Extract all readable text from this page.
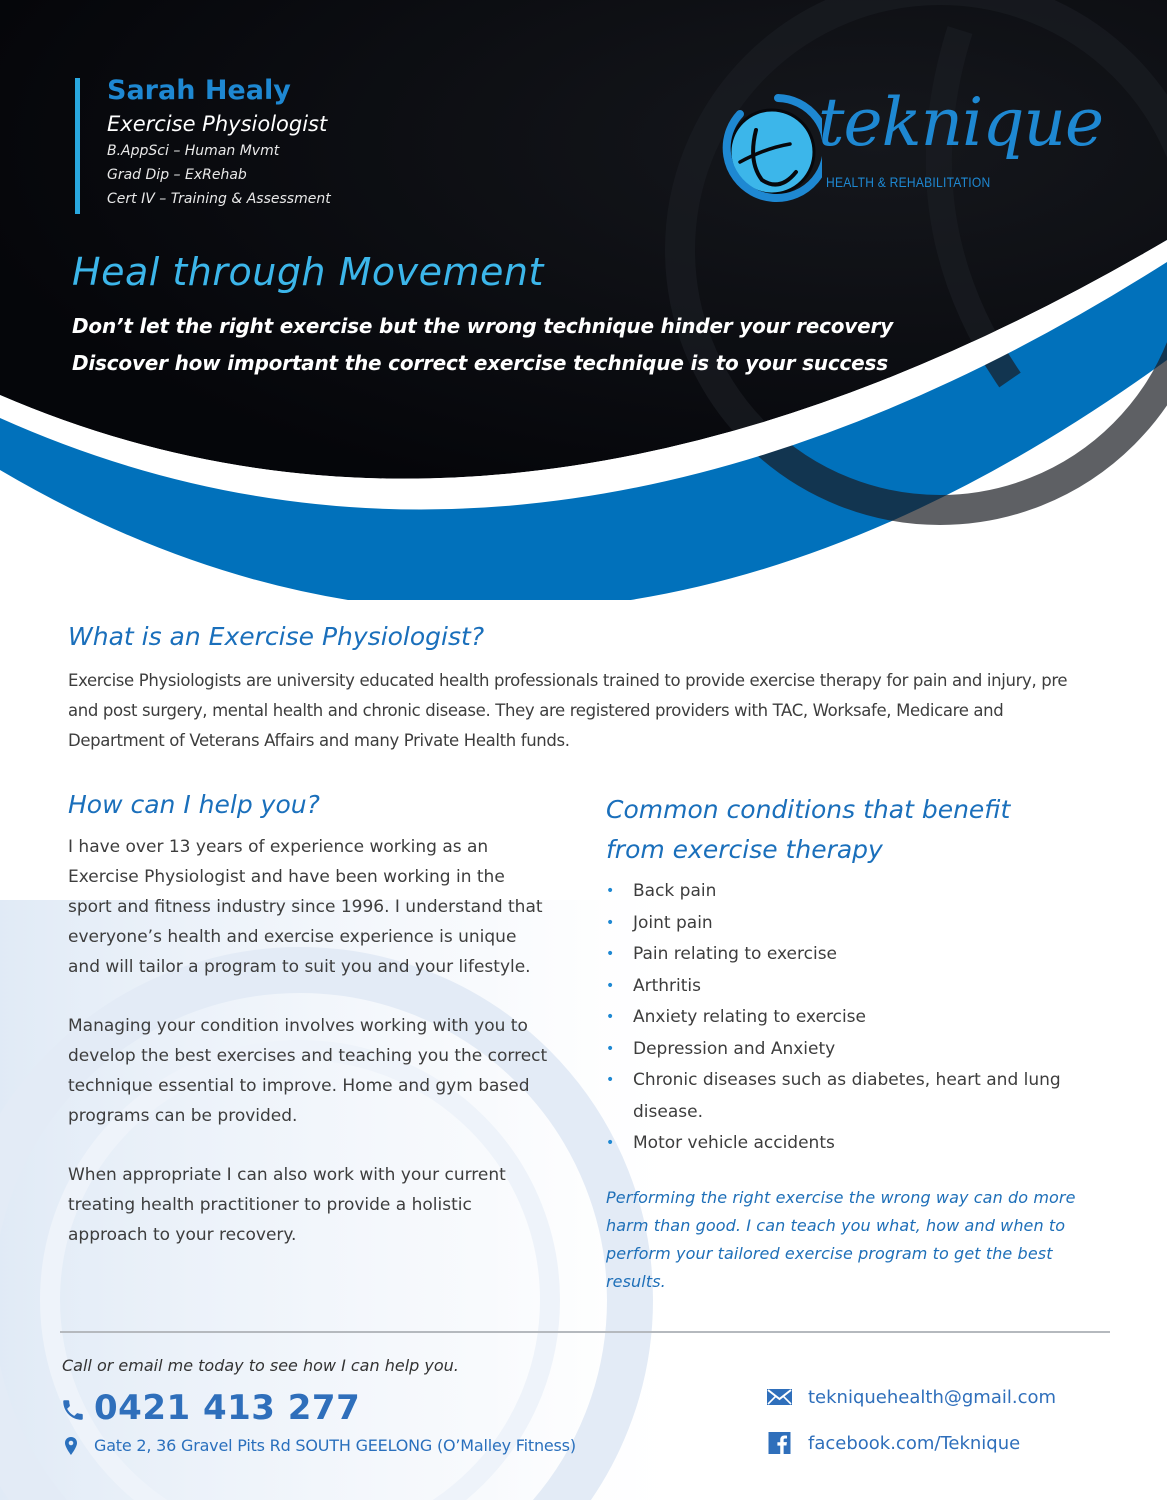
Sarah Healy
Exercise Physiologist
B.AppSci – Human Mvmt
Grad Dip – ExRehab
Cert IV – Training & Assessment
teknique
HEALTH & REHABILITATION
Heal through Movement
Don’t let the right exercise but the wrong technique hinder your recovery
Discover how important the correct exercise technique is to your success
What is an Exercise Physiologist?
Exercise Physiologists are university educated health professionals trained to provide exercise therapy for pain and injury, pre and post surgery, mental health and chronic disease. They are registered providers with TAC, Worksafe, Medicare and Department of Veterans Affairs and many Private Health funds.
How can I help you?

I have over 13 years of experience working as an Exercise Physiologist and have been working in the sport and fitness industry since 1996. I understand that everyone’s health and exercise experience is unique and will tailor a program to suit you and your lifestyle.

Managing your condition involves working with you to develop the best exercises and teaching you the correct technique essential to improve. Home and gym based programs can be provided.

When appropriate I can also work with your current treating health practitioner to provide a holistic approach to your recovery.

Common conditions that benefit from exercise therapy
• Back pain
• Joint pain
• Pain relating to exercise
• Arthritis
• Anxiety relating to exercise
• Depression and Anxiety
• Chronic diseases such as diabetes, heart and lung disease.
• Motor vehicle accidents
Performing the right exercise the wrong way can do more harm than good. I can teach you what, how and when to perform your tailored exercise program to get the best results.
Call or email me today to see how I can help you.
0421 413 277
Gate 2, 36 Gravel Pits Rd SOUTH GEELONG (O’Malley Fitness)
tekniquehealth@gmail.com
facebook.com/Teknique
